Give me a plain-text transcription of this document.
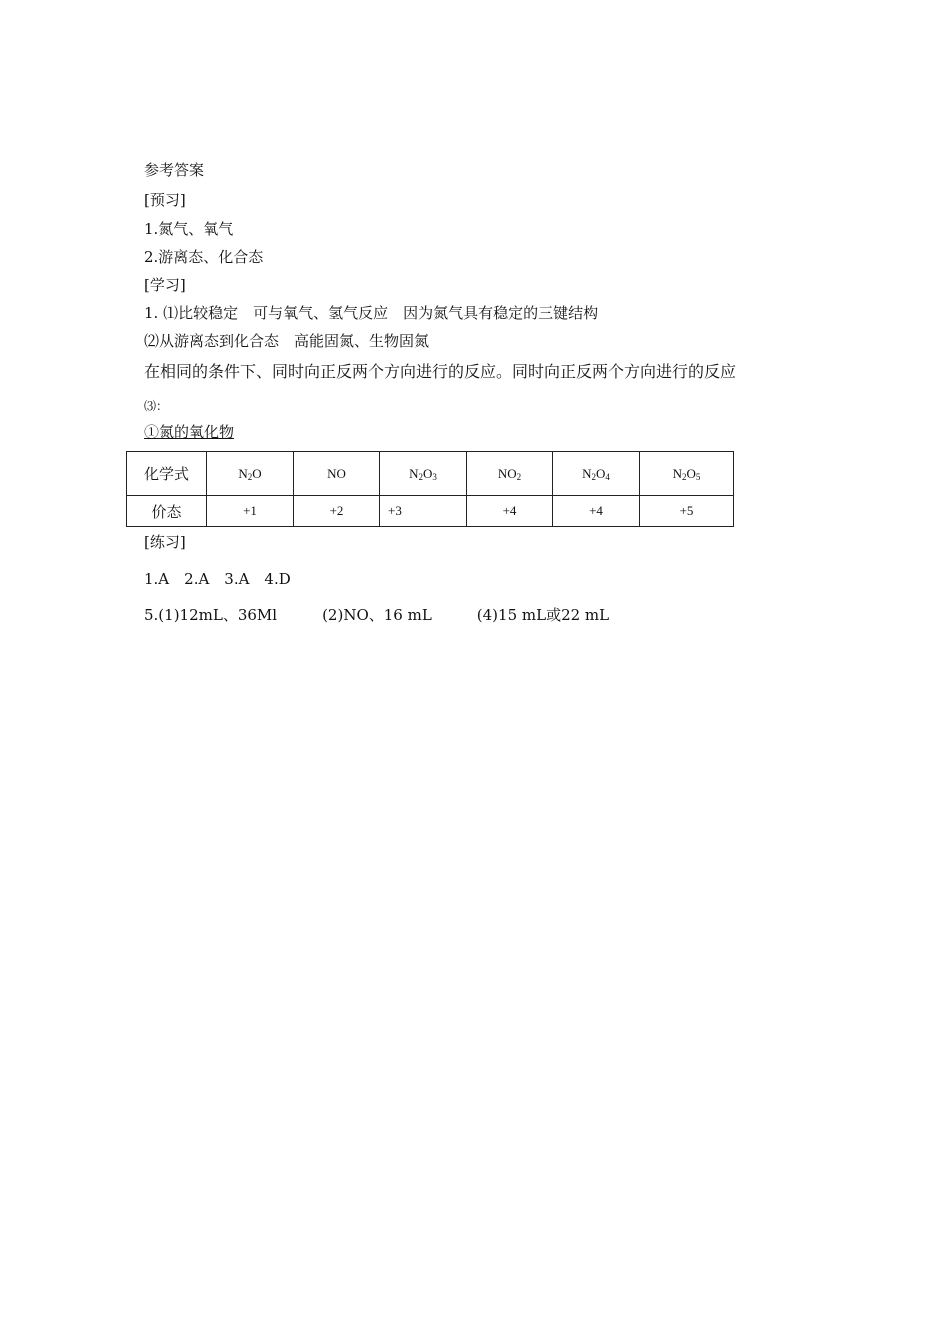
参考答案
[预习]
1.氮气、氧气
2.游离态、化合态
[学习]
1. ⑴比较稳定　可与氧气、氢气反应　因为氮气具有稳定的三键结构
⑵从游离态到化合态　高能固氮、生物固氮
在相同的条件下、同时向正反两个方向进行的反应。同时向正反两个方向进行的反应
⑶：
①氮的氧化物
化学式	$N_2O$	NO	$N_2O_3$	$NO_2$	$N_2O_4$	$N_2O_5$
价态	+1	+2	+3	+4	+4	+5
[练习]
1.A　2.A　3.A　4.D
5.(1)12mL、36Ml　　　(2)NO、16 mL　　　(4)15 mL或22 mL
